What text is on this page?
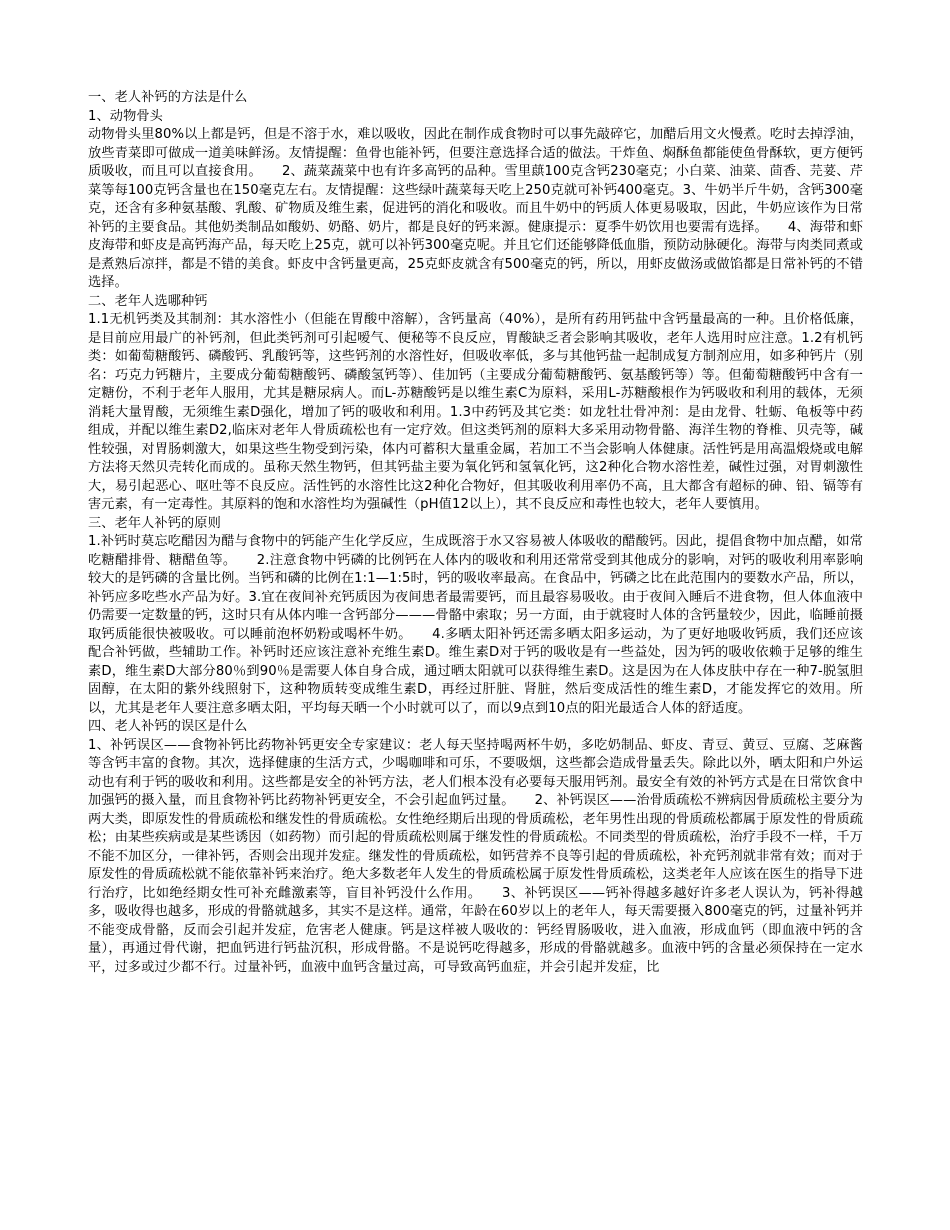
一、老人补钙的方法是什么

1、动物骨头

动物骨头里80%以上都是钙，但是不溶于水，难以吸收，因此在制作成食物时可以事先敲碎它，加醋后用文火慢煮。吃时去掉浮油，放些青菜即可做成一道美味鲜汤。友情提醒：鱼骨也能补钙，但要注意选择合适的做法。干炸鱼、焖酥鱼都能使鱼骨酥软，更方便钙质吸收，而且可以直接食用。　　2、蔬菜蔬菜中也有许多高钙的品种。雪里蕻100克含钙230毫克；小白菜、油菜、茴香、芫荽、芹菜等每100克钙含量也在150毫克左右。友情提醒：这些绿叶蔬菜每天吃上250克就可补钙400毫克。3、牛奶半斤牛奶，含钙300毫克，还含有多种氨基酸、乳酸、矿物质及维生素，促进钙的消化和吸收。而且牛奶中的钙质人体更易吸取，因此，牛奶应该作为日常补钙的主要食品。其他奶类制品如酸奶、奶酪、奶片，都是良好的钙来源。健康提示：夏季牛奶饮用也要需有选择。　　4、海带和虾皮海带和虾皮是高钙海产品，每天吃上25克，就可以补钙300毫克呢。并且它们还能够降低血脂，预防动脉硬化。海带与肉类同煮或是煮熟后凉拌，都是不错的美食。虾皮中含钙量更高，25克虾皮就含有500毫克的钙，所以，用虾皮做汤或做馅都是日常补钙的不错选择。

二、老年人选哪种钙

1.1无机钙类及其制剂：其水溶性小（但能在胃酸中溶解），含钙量高（40%），是所有药用钙盐中含钙量最高的一种。且价格低廉，是目前应用最广的补钙剂，但此类钙剂可引起嗳气、便秘等不良反应，胃酸缺乏者会影响其吸收，老年人选用时应注意。1.2有机钙类：如葡萄糖酸钙、磷酸钙、乳酸钙等，这些钙剂的水溶性好，但吸收率低，多与其他钙盐一起制成复方制剂应用，如多种钙片（别名：巧克力钙糖片，主要成分葡萄糖酸钙、磷酸氢钙等）、佳加钙（主要成分葡萄糖酸钙、氨基酸钙等）等。但葡萄糖酸钙中含有一定糖份，不利于老年人服用，尤其是糖尿病人。而L-苏糖酸钙是以维生素C为原料，采用L-苏糖酸根作为钙吸收和利用的载体，无须消耗大量胃酸，无须维生素D强化，增加了钙的吸收和利用。1.3中药钙及其它类：如龙牡壮骨冲剂：是由龙骨、牡蛎、龟板等中药组成，并配以维生素D2,临床对老年人骨质疏松也有一定疗效。但这类钙剂的原料大多采用动物骨骼、海洋生物的脊椎、贝壳等，碱性较强，对胃肠刺激大，如果这些生物受到污染，体内可蓄积大量重金属，若加工不当会影响人体健康。活性钙是用高温煅烧或电解方法将天然贝壳转化而成的。虽称天然生物钙，但其钙盐主要为氧化钙和氢氧化钙，这2种化合物水溶性差，碱性过强，对胃刺激性大，易引起恶心、呕吐等不良反应。活性钙的水溶性比这2种化合物好，但其吸收利用率仍不高，且大都含有超标的砷、铅、镉等有害元素，有一定毒性。其原料的饱和水溶性均为强碱性（pH值12以上），其不良反应和毒性也较大，老年人要慎用。

三、老年人补钙的原则

1.补钙时莫忘吃醋因为醋与食物中的钙能产生化学反应，生成既溶于水又容易被人体吸收的醋酸钙。因此，提倡食物中加点醋，如常吃糖醋排骨、糖醋鱼等。　　2.注意食物中钙磷的比例钙在人体内的吸收和利用还常常受到其他成分的影响，对钙的吸收利用率影响较大的是钙磷的含量比例。当钙和磷的比例在1:1—1:5时，钙的吸收率最高。在食品中，钙磷之比在此范围内的要数水产品，所以，补钙应多吃些水产品为好。3.宜在夜间补充钙质因为夜间患者最需要钙，而且最容易吸收。由于夜间入睡后不进食物，但人体血液中仍需要一定数量的钙，这时只有从体内唯一含钙部分———骨骼中索取；另一方面，由于就寝时人体的含钙量较少，因此，临睡前摄取钙质能很快被吸收。可以睡前泡杯奶粉或喝杯牛奶。　　4.多晒太阳补钙还需多晒太阳多运动，为了更好地吸收钙质，我们还应该配合补钙做，些辅助工作。补钙时还应该注意补充维生素D。维生素D对于钙的吸收是有一些益处，因为钙的吸收依赖于足够的维生素D，维生素D大部分80％到90％是需要人体自身合成，通过晒太阳就可以获得维生素D。这是因为在人体皮肤中存在一种7-脱氢胆固醇，在太阳的紫外线照射下，这种物质转变成维生素D，再经过肝脏、肾脏，然后变成活性的维生素D，才能发挥它的效用。所以，尤其是老年人要注意多晒太阳，平均每天晒一个小时就可以了，而以9点到10点的阳光最适合人体的舒适度。

四、老人补钙的误区是什么

1、补钙误区——食物补钙比药物补钙更安全专家建议：老人每天坚持喝两杯牛奶，多吃奶制品、虾皮、青豆、黄豆、豆腐、芝麻酱等含钙丰富的食物。其次，选择健康的生活方式，少喝咖啡和可乐，不要吸烟，这些都会造成骨量丢失。除此以外，晒太阳和户外运动也有利于钙的吸收和利用。这些都是安全的补钙方法，老人们根本没有必要每天服用钙剂。最安全有效的补钙方式是在日常饮食中加强钙的摄入量，而且食物补钙比药物补钙更安全，不会引起血钙过量。　　2、补钙误区——治骨质疏松不辨病因骨质疏松主要分为两大类，即原发性的骨质疏松和继发性的骨质疏松。女性绝经期后出现的骨质疏松，老年男性出现的骨质疏松都属于原发性的骨质疏松；由某些疾病或是某些诱因（如药物）而引起的骨质疏松则属于继发性的骨质疏松。不同类型的骨质疏松，治疗手段不一样，千万不能不加区分，一律补钙，否则会出现并发症。继发性的骨质疏松，如钙营养不良等引起的骨质疏松，补充钙剂就非常有效；而对于原发性的骨质疏松就不能依靠补钙来治疗。绝大多数老年人发生的骨质疏松属于原发性骨质疏松，这类老年人应该在医生的指导下进行治疗，比如绝经期女性可补充雌激素等，盲目补钙没什么作用。　　3、补钙误区——钙补得越多越好许多老人误认为，钙补得越多，吸收得也越多，形成的骨骼就越多，其实不是这样。通常，年龄在60岁以上的老年人，每天需要摄入800毫克的钙，过量补钙并不能变成骨骼，反而会引起并发症，危害老人健康。钙是这样被人吸收的：钙经胃肠吸收，进入血液，形成血钙（即血液中钙的含量），再通过骨代谢，把血钙进行钙盐沉积，形成骨骼。不是说钙吃得越多，形成的骨骼就越多。血液中钙的含量必须保持在一定水平，过多或过少都不行。过量补钙，血液中血钙含量过高，可导致高钙血症，并会引起并发症，比
